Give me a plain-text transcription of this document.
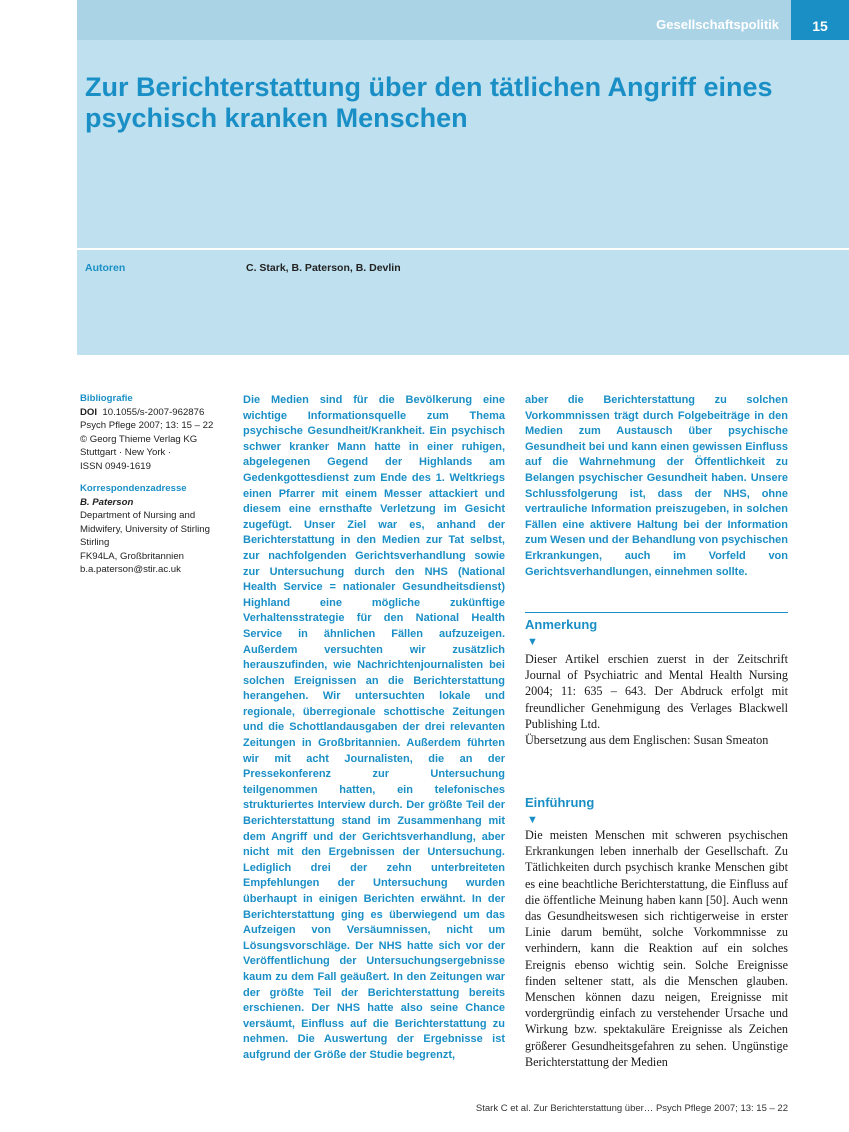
Gesellschaftspolitik	15
Zur Berichterstattung über den tätlichen Angriff eines psychisch kranken Menschen
Autoren	C. Stark, B. Paterson, B. Devlin
Bibliografie
DOI 10.1055/s-2007-962876
Psych Pflege 2007; 13: 15 – 22
© Georg Thieme Verlag KG
Stuttgart · New York ·
ISSN 0949-1619
Korrespondenzadresse
B. Paterson
Department of Nursing and Midwifery, University of Stirling
Stirling
FK94LA, Großbritannien
b.a.paterson@stir.ac.uk

Die Medien sind für die Bevölkerung eine wichtige Informationsquelle zum Thema psychische Gesundheit/Krankheit. Ein psychisch schwer kranker Mann hatte in einer ruhigen, abgelegenen Gegend der Highlands am Gedenkgottesdienst zum Ende des 1. Weltkriegs einen Pfarrer mit einem Messer attackiert und diesem eine ernsthafte Verletzung im Gesicht zugefügt. Unser Ziel war es, anhand der Berichterstattung in den Medien zur Tat selbst, zur nachfolgenden Gerichtsverhandlung sowie zur Untersuchung durch den NHS (National Health Service = nationaler Gesundheitsdienst) Highland eine mögliche zukünftige Verhaltensstrategie für den National Health Service in ähnlichen Fällen aufzuzeigen. Außerdem versuchten wir zusätzlich herauszufinden, wie Nachrichtenjournalisten bei solchen Ereignissen an die Berichterstattung herangehen. Wir untersuchten lokale und regionale, überregionale schottische Zeitungen und die Schottlandausgaben der drei relevanten Zeitungen in Großbritannien. Außerdem führten wir mit acht Journalisten, die an der Pressekonferenz zur Untersuchung teilgenommen hatten, ein telefonisches strukturiertes Interview durch. Der größte Teil der Berichterstattung stand im Zusammenhang mit dem Angriff und der Gerichtsverhandlung, aber nicht mit den Ergebnissen der Untersuchung. Lediglich drei der zehn unterbreiteten Empfehlungen der Untersuchung wurden überhaupt in einigen Berichten erwähnt. In der Berichterstattung ging es überwiegend um das Aufzeigen von Versäumnissen, nicht um Lösungsvorschläge. Der NHS hatte sich vor der Veröffentlichung der Untersuchungsergebnisse kaum zu dem Fall geäußert. In den Zeitungen war der größte Teil der Berichterstattung bereits erschienen. Der NHS hatte also seine Chance versäumt, Einfluss auf die Berichterstattung zu nehmen. Die Auswertung der Ergebnisse ist aufgrund der Größe der Studie begrenzt,

aber die Berichterstattung zu solchen Vorkommnissen trägt durch Folgebeiträge in den Medien zum Austausch über psychische Gesundheit bei und kann einen gewissen Einfluss auf die Wahrnehmung der Öffentlichkeit zu Belangen psychischer Gesundheit haben. Unsere Schlussfolgerung ist, dass der NHS, ohne vertrauliche Information preiszugeben, in solchen Fällen eine aktivere Haltung bei der Information zum Wesen und der Behandlung von psychischen Erkrankungen, auch im Vorfeld von Gerichtsverhandlungen, einnehmen sollte.

Anmerkung
▼
Dieser Artikel erschien zuerst in der Zeitschrift Journal of Psychiatric and Mental Health Nursing 2004; 11: 635 – 643. Der Abdruck erfolgt mit freundlicher Genehmigung des Verlages Blackwell Publishing Ltd.
Übersetzung aus dem Englischen: Susan Smeaton
Einführung
▼

Die meisten Menschen mit schweren psychischen Erkrankungen leben innerhalb der Gesellschaft. Zu Tätlichkeiten durch psychisch kranke Menschen gibt es eine beachtliche Berichterstattung, die Einfluss auf die öffentliche Meinung haben kann [50]. Auch wenn das Gesundheitswesen sich richtigerweise in erster Linie darum bemüht, solche Vorkommnisse zu verhindern, kann die Reaktion auf ein solches Ereignis ebenso wichtig sein. Solche Ereignisse finden seltener statt, als die Menschen glauben. Menschen können dazu neigen, Ereignisse mit vordergründig einfach zu verstehender Ursache und Wirkung bzw. spektakuläre Ereignisse als Zeichen größerer Gesundheitsgefahren zu sehen. Ungünstige Berichterstattung der Medien

Stark C et al. Zur Berichterstattung über… Psych Pflege 2007; 13: 15 – 22
